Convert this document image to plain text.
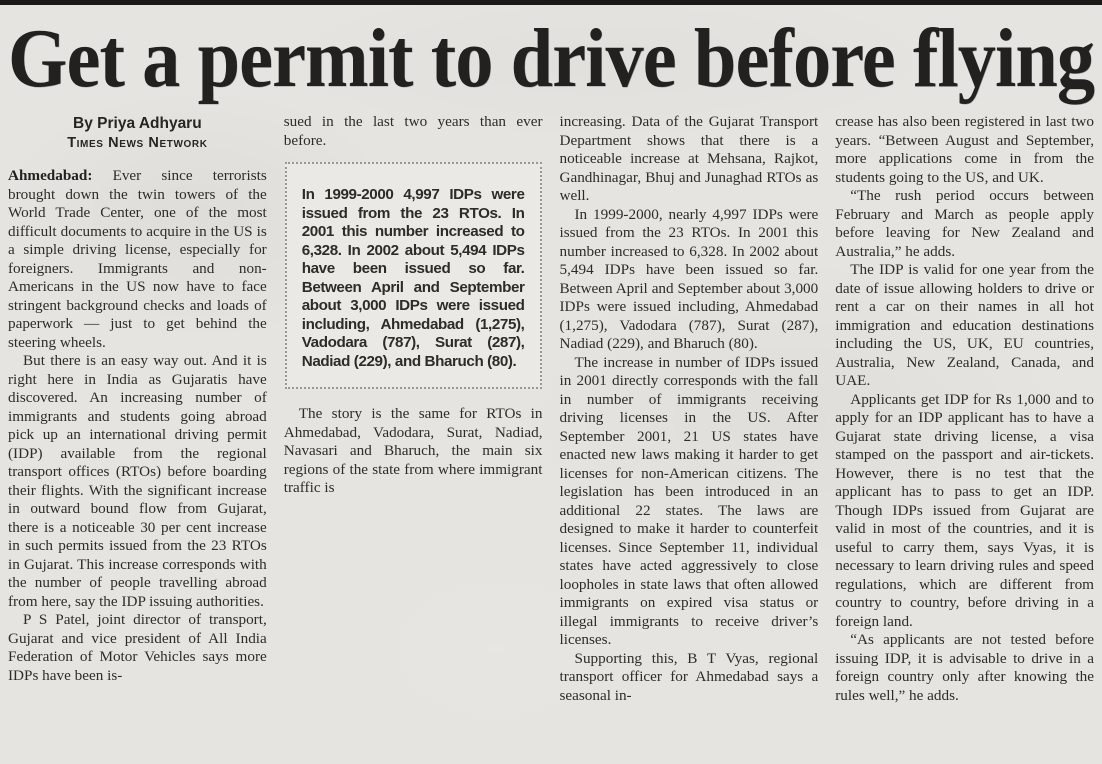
Get a permit to drive before flying
By Priya Adhyaru
Times News Network

Ahmedabad: Ever since terrorists brought down the twin towers of the World Trade Center, one of the most difficult documents to acquire in the US is a simple driving license, especially for foreigners. Immigrants and non-Americans in the US now have to face stringent background checks and loads of paperwork — just to get behind the steering wheels.

But there is an easy way out. And it is right here in India as Gujaratis have discovered. An increasing number of immigrants and students going abroad pick up an international driving permit (IDP) available from the regional transport offices (RTOs) before boarding their flights. With the significant increase in outward bound flow from Gujarat, there is a noticeable 30 per cent increase in such permits issued from the 23 RTOs in Gujarat. This increase corresponds with the number of people travelling abroad from here, say the IDP issuing authorities.

P S Patel, joint director of transport, Gujarat and vice president of All India Federation of Motor Vehicles says more IDPs have been is-

sued in the last two years than ever before.

In 1999-2000 4,997 IDPs were issued from the 23 RTOs. In 2001 this number increased to 6,328. In 2002 about 5,494 IDPs have been issued so far. Between April and September about 3,000 IDPs were issued including, Ahmedabad (1,275), Vadodara (787), Surat (287), Nadiad (229), and Bharuch (80).

The story is the same for RTOs in Ahmedabad, Vadodara, Surat, Nadiad, Navasari and Bharuch, the main six regions of the state from where immigrant traffic is

increasing. Data of the Gujarat Transport Department shows that there is a noticeable increase at Mehsana, Rajkot, Gandhinagar, Bhuj and Junaghad RTOs as well.

In 1999-2000, nearly 4,997 IDPs were issued from the 23 RTOs. In 2001 this number increased to 6,328. In 2002 about 5,494 IDPs have been issued so far. Between April and September about 3,000 IDPs were issued including, Ahmedabad (1,275), Vadodara (787), Surat (287), Nadiad (229), and Bharuch (80).

The increase in number of IDPs issued in 2001 directly corresponds with the fall in number of immigrants receiving driving licenses in the US. After September 2001, 21 US states have enacted new laws making it harder to get licenses for non-American citizens. The legislation has been introduced in an additional 22 states. The laws are designed to make it harder to counterfeit licenses. Since September 11, individual states have acted aggressively to close loopholes in state laws that often allowed immigrants on expired visa status or illegal immigrants to receive driver’s licenses.

Supporting this, B T Vyas, regional transport officer for Ahmedabad says a seasonal in-

crease has also been registered in last two years. “Between August and September, more applications come in from the students going to the US, and UK.

“The rush period occurs between February and March as people apply before leaving for New Zealand and Australia,” he adds.

The IDP is valid for one year from the date of issue allowing holders to drive or rent a car on their names in all hot immigration and education destinations including the US, UK, EU countries, Australia, New Zealand, Canada, and UAE.

Applicants get IDP for Rs 1,000 and to apply for an IDP applicant has to have a Gujarat state driving license, a visa stamped on the passport and air-tickets. However, there is no test that the applicant has to pass to get an IDP. Though IDPs issued from Gujarat are valid in most of the countries, and it is useful to carry them, says Vyas, it is necessary to learn driving rules and speed regulations, which are different from country to country, before driving in a foreign land.

“As applicants are not tested before issuing IDP, it is advisable to drive in a foreign country only after knowing the rules well,” he adds.
